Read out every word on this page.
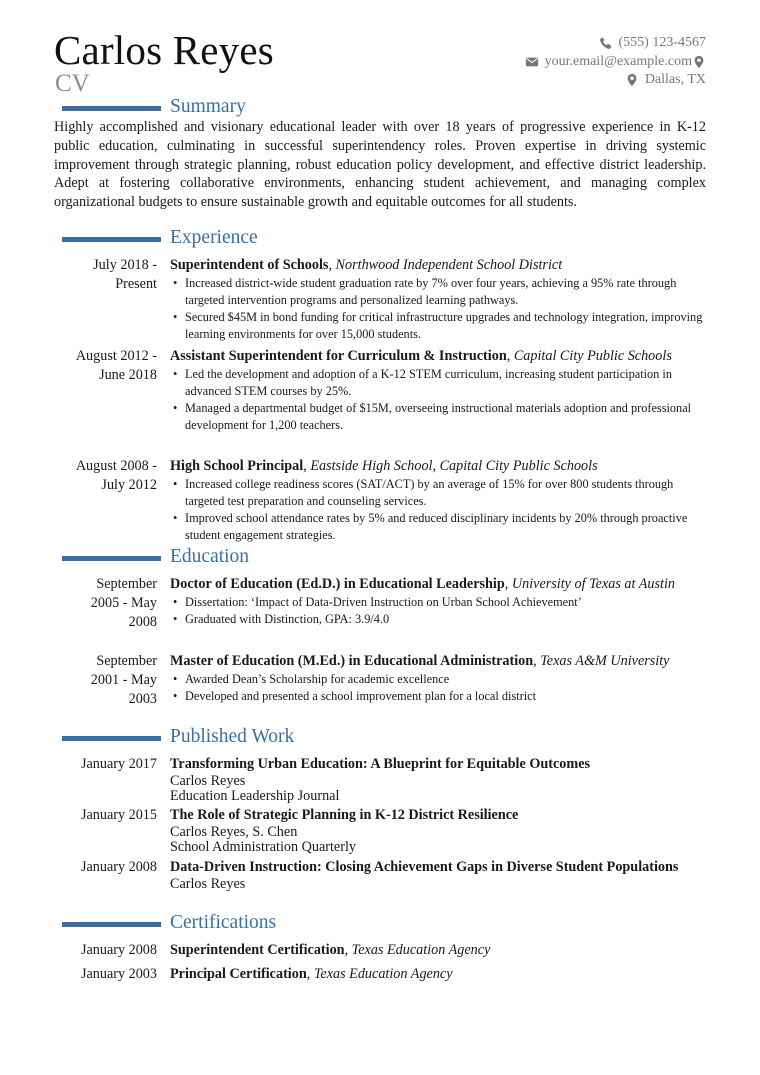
Carlos Reyes
CV
(555) 123-4567
your.email@example.com
Dallas, TX
Summary
Highly accomplished and visionary educational leader with over 18 years of progressive experience in K-12 public education, culminating in successful superintendency roles. Proven expertise in driving systemic improvement through strategic planning, robust education policy development, and effective district leadership. Adept at fostering collaborative environments, enhancing student achievement, and managing complex organizational budgets to ensure sustainable growth and equitable outcomes for all students.
Experience
July 2018 -
Present
Superintendent of Schools, Northwood Independent School District
• Increased district-wide student graduation rate by 7% over four years, achieving a 95% rate through targeted intervention programs and personalized learning pathways.
• Secured $45M in bond funding for critical infrastructure upgrades and technology integration, improving learning environments for over 15,000 students.
August 2012 -
June 2018
Assistant Superintendent for Curriculum & Instruction, Capital City Public Schools
• Led the development and adoption of a K-12 STEM curriculum, increasing student participation in advanced STEM courses by 25%.
• Managed a departmental budget of $15M, overseeing instructional materials adoption and professional development for 1,200 teachers.
August 2008 -
July 2012
High School Principal, Eastside High School, Capital City Public Schools
• Increased college readiness scores (SAT/ACT) by an average of 15% for over 800 students through targeted test preparation and counseling services.
• Improved school attendance rates by 5% and reduced disciplinary incidents by 20% through proactive student engagement strategies.
Education
September
2005 - May
2008
Doctor of Education (Ed.D.) in Educational Leadership, University of Texas at Austin
• Dissertation: ‘Impact of Data-Driven Instruction on Urban School Achievement’
• Graduated with Distinction, GPA: 3.9/4.0
September
2001 - May
2003
Master of Education (M.Ed.) in Educational Administration, Texas A&M University
• Awarded Dean’s Scholarship for academic excellence
• Developed and presented a school improvement plan for a local district
Published Work
January 2017 Transforming Urban Education: A Blueprint for Equitable Outcomes
Carlos Reyes
Education Leadership Journal
January 2015 The Role of Strategic Planning in K-12 District Resilience
Carlos Reyes, S. Chen
School Administration Quarterly
January 2008 Data-Driven Instruction: Closing Achievement Gaps in Diverse Student Populations
Carlos Reyes
Certifications
January 2008 Superintendent Certification, Texas Education Agency
January 2003 Principal Certification, Texas Education Agency
